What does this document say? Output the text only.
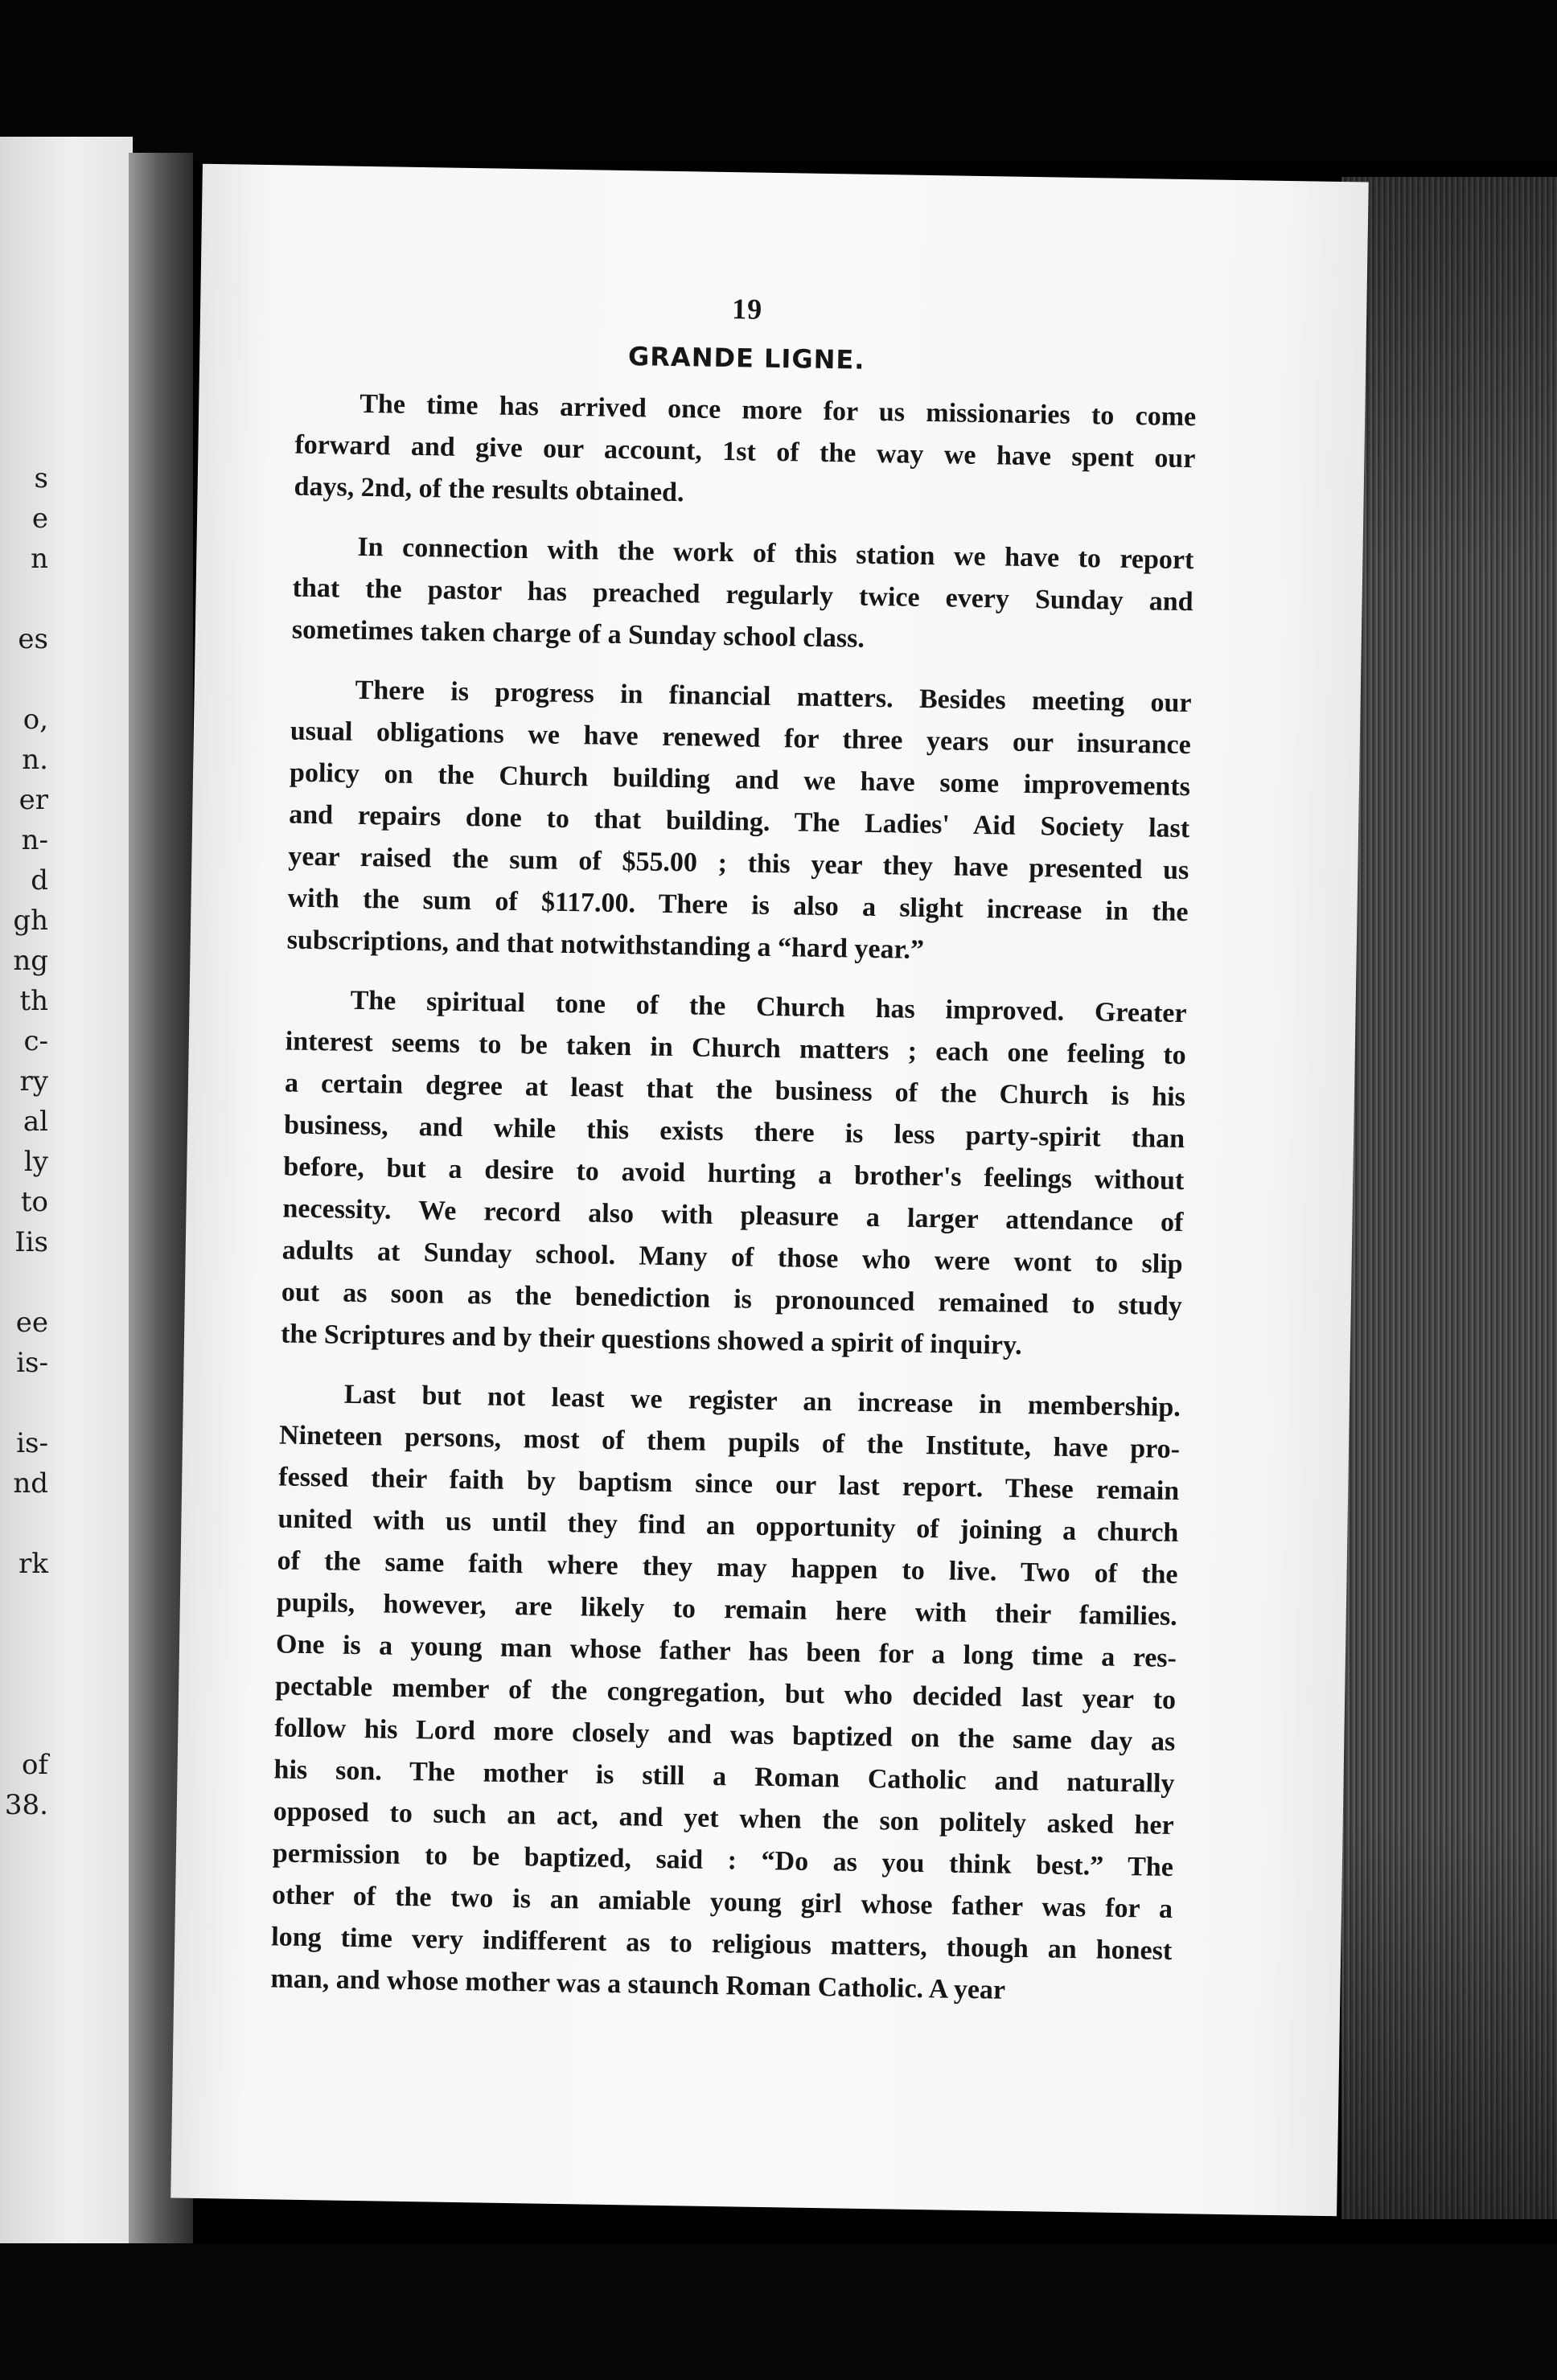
s
e
n
es
o,
n.
er
n-
d
gh
ng
th
c-
ry
al
ly
to
Iis
ee
is-
is-
nd
rk
of
38.
19
GRANDE LIGNE.
The time has arrived once more for us missionaries to come
forward and give our account, 1st of the way we have spent our
days, 2nd, of the results obtained.
In connection with the work of this station we have to report
that the pastor has preached regularly twice every Sunday and
sometimes taken charge of a Sunday school class.
There is progress in financial matters. Besides meeting our
usual obligations we have renewed for three years our insurance
policy on the Church building and we have some improvements
and repairs done to that building. The Ladies' Aid Society last
year raised the sum of $55.00 ; this year they have presented us
with the sum of $117.00. There is also a slight increase in the
subscriptions, and that notwithstanding a “hard year.”
The spiritual tone of the Church has improved. Greater
interest seems to be taken in Church matters ; each one feeling to
a certain degree at least that the business of the Church is his
business, and while this exists there is less party-spirit than
before, but a desire to avoid hurting a brother's feelings without
necessity. We record also with pleasure a larger attendance of
adults at Sunday school. Many of those who were wont to slip
out as soon as the benediction is pronounced remained to study
the Scriptures and by their questions showed a spirit of inquiry.
Last but not least we register an increase in membership.
Nineteen persons, most of them pupils of the Institute, have pro-
fessed their faith by baptism since our last report. These remain
united with us until they find an opportunity of joining a church
of the same faith where they may happen to live. Two of the
pupils, however, are likely to remain here with their families.
One is a young man whose father has been for a long time a res-
pectable member of the congregation, but who decided last year to
follow his Lord more closely and was baptized on the same day as
his son. The mother is still a Roman Catholic and naturally
opposed to such an act, and yet when the son politely asked her
permission to be baptized, said : “Do as you think best.” The
other of the two is an amiable young girl whose father was for a
long time very indifferent as to religious matters, though an honest
man, and whose mother was a staunch Roman Catholic. A year
